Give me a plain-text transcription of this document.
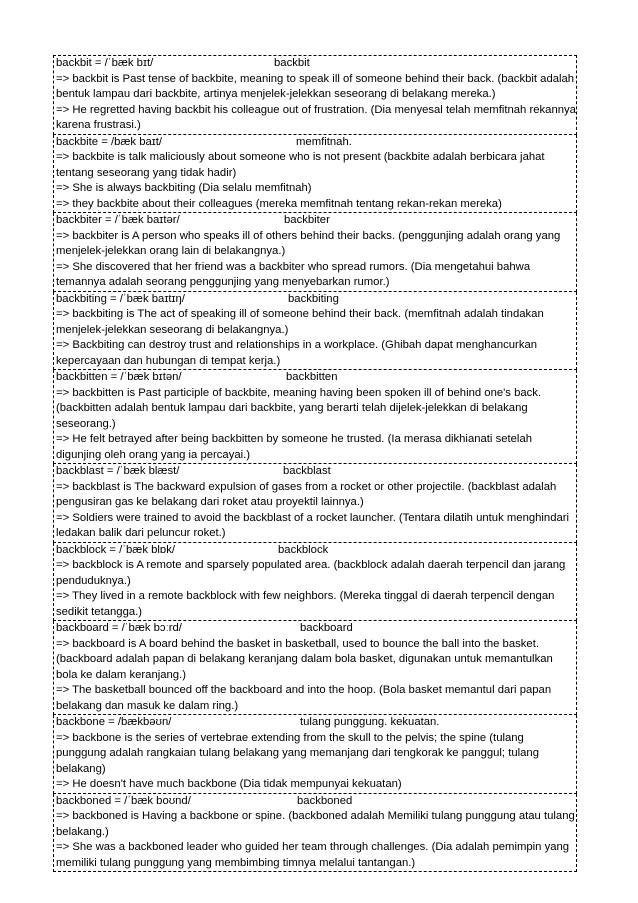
backbit = /ˈbæk bɪt/	backbit
=> backbit is Past tense of backbite, meaning to speak ill of someone behind their back. (backbit adalah bentuk lampau dari backbite, artinya menjelek-jelekkan seseorang di belakang mereka.)
=> He regretted having backbit his colleague out of frustration. (Dia menyesal telah memfitnah rekannya karena frustrasi.)
backbite = /bæk baɪt/	memfitnah.
=> backbite is talk maliciously about someone who is not present (backbite adalah berbicara jahat tentang seseorang yang tidak hadir)
=> She is always backbiting (Dia selalu memfitnah)
=> they backbite about their colleagues (mereka memfitnah tentang rekan-rekan mereka)
backbiter = /ˈbæk baɪtər/	backbiter
=> backbiter is A person who speaks ill of others behind their backs. (penggunjing adalah orang yang menjelek-jelekkan orang lain di belakangnya.)
=> She discovered that her friend was a backbiter who spread rumors. (Dia mengetahui bahwa temannya adalah seorang penggunjing yang menyebarkan rumor.)
backbiting = /ˈbæk baɪtɪŋ/	backbiting
=> backbiting is The act of speaking ill of someone behind their back. (memfitnah adalah tindakan menjelek-jelekkan seseorang di belakangnya.)
=> Backbiting can destroy trust and relationships in a workplace. (Ghibah dapat menghancurkan kepercayaan dan hubungan di tempat kerja.)
backbitten = /ˈbæk bɪtən/	backbitten
=> backbitten is Past participle of backbite, meaning having been spoken ill of behind one's back. (backbitten adalah bentuk lampau dari backbite, yang berarti telah dijelek-jelekkan di belakang seseorang.)
=> He felt betrayed after being backbitten by someone he trusted. (Ia merasa dikhianati setelah digunjing oleh orang yang ia percayai.)
backblast = /ˈbæk blæst/	backblast
=> backblast is The backward expulsion of gases from a rocket or other projectile. (backblast adalah pengusiran gas ke belakang dari roket atau proyektil lainnya.)
=> Soldiers were trained to avoid the backblast of a rocket launcher. (Tentara dilatih untuk menghindari ledakan balik dari peluncur roket.)
backblock = /ˈbæk blɒk/	backblock
=> backblock is A remote and sparsely populated area. (backblock adalah daerah terpencil dan jarang penduduknya.)
=> They lived in a remote backblock with few neighbors. (Mereka tinggal di daerah terpencil dengan sedikit tetangga.)
backboard = /ˈbæk bɔːrd/	backboard
=> backboard is A board behind the basket in basketball, used to bounce the ball into the basket. (backboard adalah papan di belakang keranjang dalam bola basket, digunakan untuk memantulkan bola ke dalam keranjang.)
=> The basketball bounced off the backboard and into the hoop. (Bola basket memantul dari papan belakang dan masuk ke dalam ring.)
backbone = /bækbəʊn/	tulang punggung. kekuatan.
=> backbone is the series of vertebrae extending from the skull to the pelvis; the spine (tulang punggung adalah rangkaian tulang belakang yang memanjang dari tengkorak ke panggul; tulang belakang)
=> He doesn't have much backbone (Dia tidak mempunyai kekuatan)
backboned = /ˈbæk boʊnd/	backboned
=> backboned is Having a backbone or spine. (backboned adalah Memiliki tulang punggung atau tulang belakang.)
=> She was a backboned leader who guided her team through challenges. (Dia adalah pemimpin yang memiliki tulang punggung yang membimbing timnya melalui tantangan.)
